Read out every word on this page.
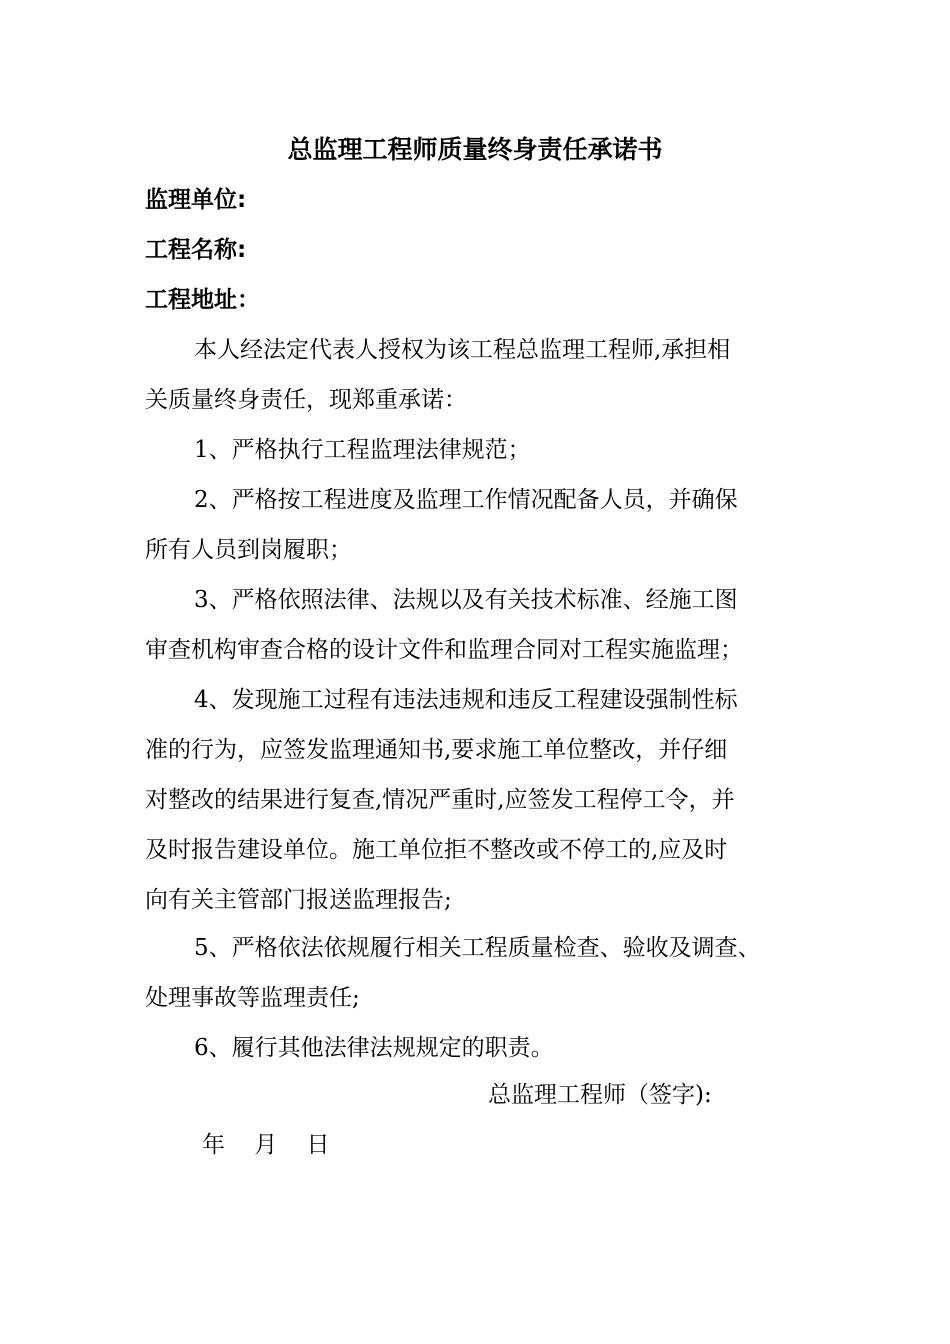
总监理工程师质量终身责任承诺书
监理单位:
工程名称:
工程地址：
本人经法定代表人授权为该工程总监理工程师,承担相
关质量终身责任，现郑重承诺：
1、严格执行工程监理法律规范；
2、严格按工程进度及监理工作情况配备人员，并确保
所有人员到岗履职；
3、严格依照法律、法规以及有关技术标准、经施工图
审查机构审查合格的设计文件和监理合同对工程实施监理；
4、发现施工过程有违法违规和违反工程建设强制性标
准的行为，应签发监理通知书,要求施工单位整改，并仔细
对整改的结果进行复查,情况严重时,应签发工程停工令，并
及时报告建设单位。施工单位拒不整改或不停工的,应及时
向有关主管部门报送监理报告;
5、严格依法依规履行相关工程质量检查、验收及调查、
处理事故等监理责任;
6、履行其他法律法规规定的职责。
总监理工程师（签字):
年    月    日
